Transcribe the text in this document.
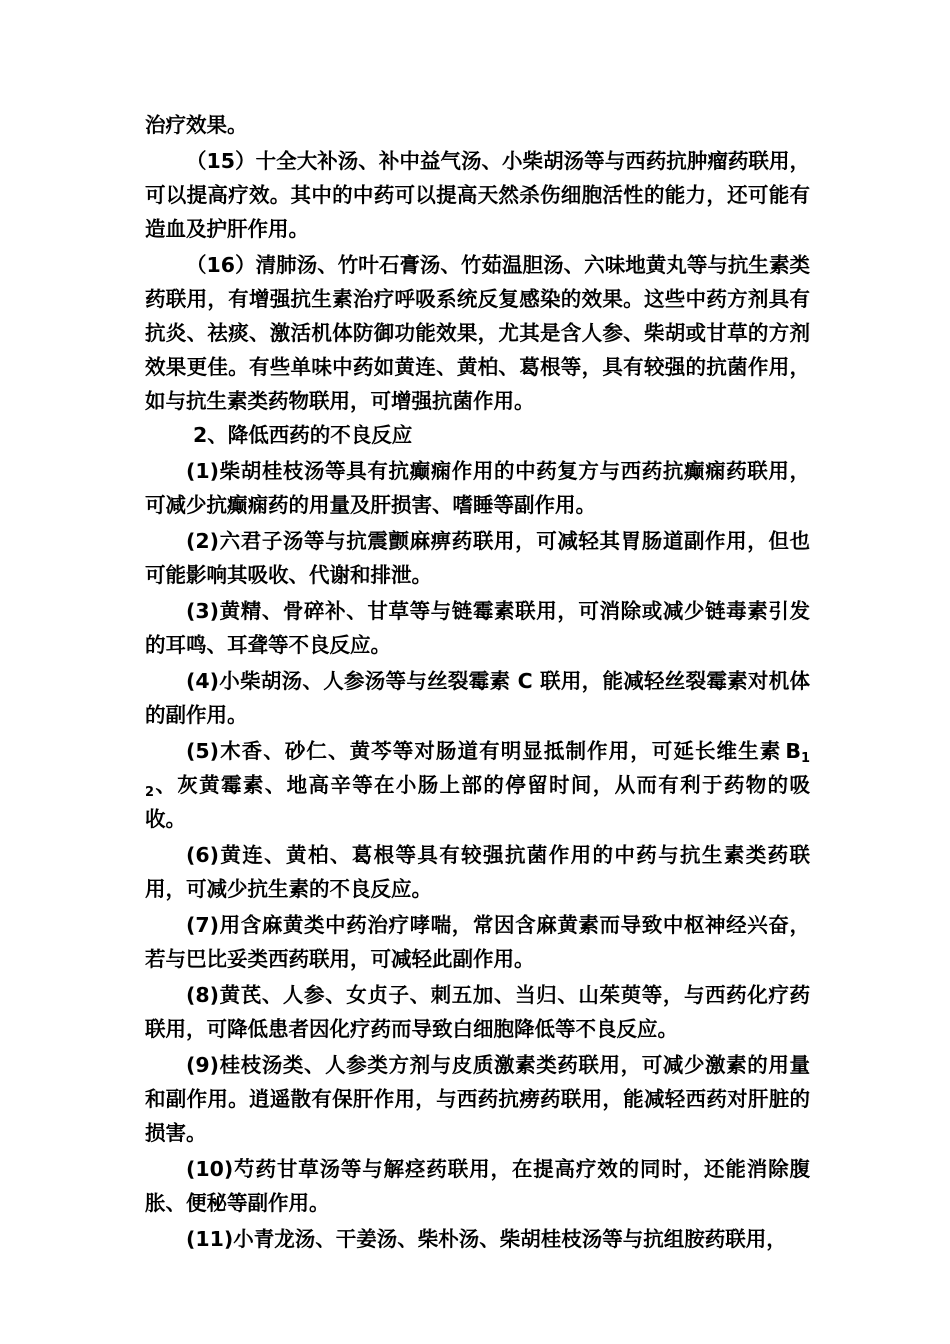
治疗效果。

（15）十全大补汤、补中益气汤、小柴胡汤等与西药抗肿瘤药联用，可以提高疗效。其中的中药可以提高天然杀伤细胞活性的能力，还可能有造血及护肝作用。

（16）清肺汤、竹叶石膏汤、竹茹温胆汤、六味地黄丸等与抗生素类药联用，有增强抗生素治疗呼吸系统反复感染的效果。这些中药方剂具有抗炎、祛痰、激活机体防御功能效果，尤其是含人参、柴胡或甘草的方剂效果更佳。有些单味中药如黄连、黄柏、葛根等，具有较强的抗菌作用，如与抗生素类药物联用，可增强抗菌作用。

2、降低西药的不良反应

(1)柴胡桂枝汤等具有抗癫痫作用的中药复方与西药抗癫痫药联用，可减少抗癫痫药的用量及肝损害、嗜睡等副作用。

(2)六君子汤等与抗震颤麻痹药联用，可减轻其胃肠道副作用，但也可能影响其吸收、代谢和排泄。

(3)黄精、骨碎补、甘草等与链霉素联用，可消除或减少链毒素引发的耳鸣、耳聋等不良反应。

(4)小柴胡汤、人参汤等与丝裂霉素 C 联用，能减轻丝裂霉素对机体的副作用。

(5)木香、砂仁、黄芩等对肠道有明显抵制作用，可延长维生素 $B_{12}$、灰黄霉素、地高辛等在小肠上部的停留时间，从而有利于药物的吸收。

(6)黄连、黄柏、葛根等具有较强抗菌作用的中药与抗生素类药联用，可减少抗生素的不良反应。

(7)用含麻黄类中药治疗哮喘，常因含麻黄素而导致中枢神经兴奋，若与巴比妥类西药联用，可减轻此副作用。

(8)黄芪、人参、女贞子、刺五加、当归、山茱萸等，与西药化疗药联用，可降低患者因化疗药而导致白细胞降低等不良反应。

(9)桂枝汤类、人参类方剂与皮质激素类药联用，可减少激素的用量和副作用。逍遥散有保肝作用，与西药抗痨药联用，能减轻西药对肝脏的损害。

(10)芍药甘草汤等与解痉药联用，在提高疗效的同时，还能消除腹胀、便秘等副作用。

(11)小青龙汤、干姜汤、柴朴汤、柴胡桂枝汤等与抗组胺药联用，
